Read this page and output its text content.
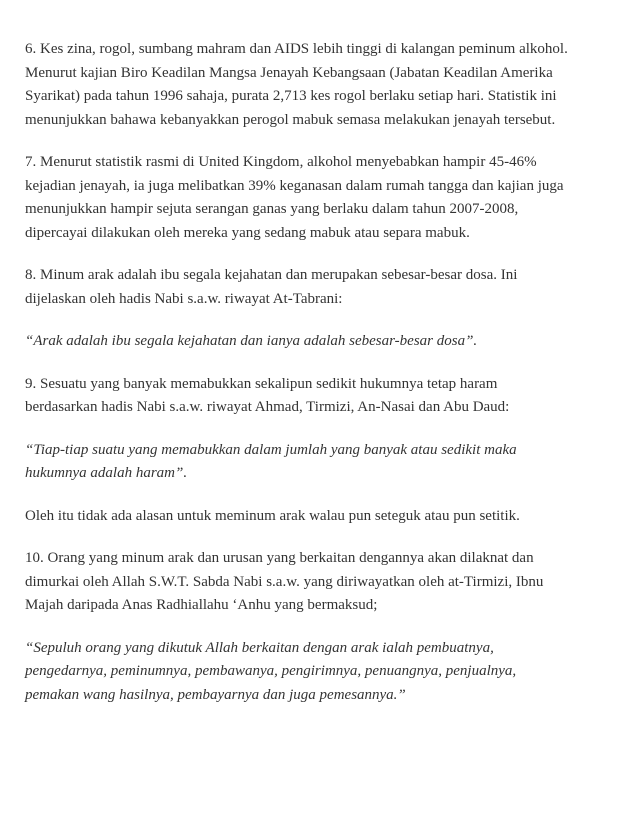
6. Kes zina, rogol, sumbang mahram dan AIDS lebih tinggi di kalangan peminum alkohol.
Menurut kajian Biro Keadilan Mangsa Jenayah Kebangsaan (Jabatan Keadilan Amerika
Syarikat) pada tahun 1996 sahaja, purata 2,713 kes rogol berlaku setiap hari. Statistik ini
menunjukkan bahawa kebanyakkan perogol mabuk semasa melakukan jenayah tersebut.

7. Menurut statistik rasmi di United Kingdom, alkohol menyebabkan hampir 45-46%
kejadian jenayah, ia juga melibatkan 39% keganasan dalam rumah tangga dan kajian juga
menunjukkan hampir sejuta serangan ganas yang berlaku dalam tahun 2007-2008,
dipercayai dilakukan oleh mereka yang sedang mabuk atau separa mabuk.

8. Minum arak adalah ibu segala kejahatan dan merupakan sebesar-besar dosa. Ini
dijelaskan oleh hadis Nabi s.a.w. riwayat At-Tabrani:

“Arak adalah ibu segala kejahatan dan ianya adalah sebesar-besar dosa”.

9. Sesuatu yang banyak memabukkan sekalipun sedikit hukumnya tetap haram
berdasarkan hadis Nabi s.a.w. riwayat Ahmad, Tirmizi, An-Nasai dan Abu Daud:

“Tiap-tiap suatu yang memabukkan dalam jumlah yang banyak atau sedikit maka
hukumnya adalah haram”.

Oleh itu tidak ada alasan untuk meminum arak walau pun seteguk atau pun setitik.

10. Orang yang minum arak dan urusan yang berkaitan dengannya akan dilaknat dan
dimurkai oleh Allah S.W.T. Sabda Nabi s.a.w. yang diriwayatkan oleh at-Tirmizi, Ibnu
Majah daripada Anas Radhiallahu ‘Anhu yang bermaksud;

“Sepuluh orang yang dikutuk Allah berkaitan dengan arak ialah pembuatnya,
pengedarnya, peminumnya, pembawanya, pengirimnya, penuangnya, penjualnya,
pemakan wang hasilnya, pembayarnya dan juga pemesannya.”
